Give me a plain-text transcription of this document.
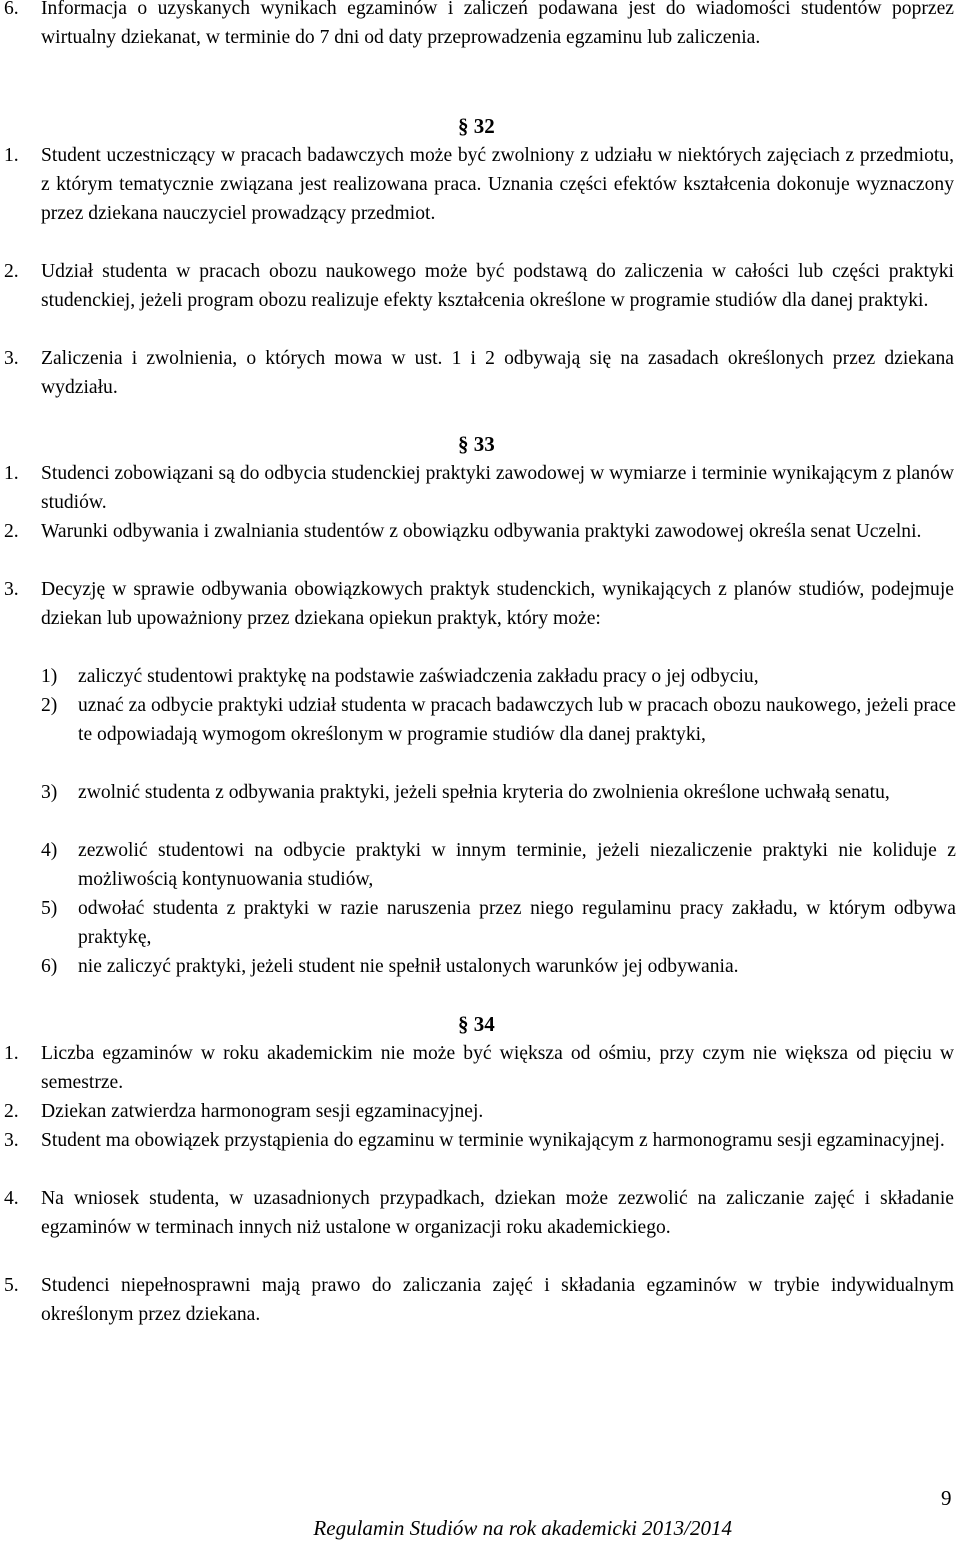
6. Informacja o uzyskanych wynikach egzaminów i zaliczeń podawana jest do wiadomości studentów poprzez wirtualny dziekanat, w terminie do 7 dni od daty przeprowadzenia egzaminu lub zaliczenia.
§ 32
1. Student uczestniczący w pracach badawczych może być zwolniony z udziału w niektórych zajęciach z przedmiotu, z którym tematycznie związana jest realizowana praca. Uznania części efektów kształcenia dokonuje wyznaczony przez dziekana nauczyciel prowadzący przedmiot.
2. Udział studenta w pracach obozu naukowego może być podstawą do zaliczenia w całości lub części praktyki studenckiej, jeżeli program obozu realizuje efekty kształcenia określone w programie studiów dla danej praktyki.
3. Zaliczenia i zwolnienia, o których mowa w ust. 1 i 2 odbywają się na zasadach określonych przez dziekana wydziału.
§ 33
1. Studenci zobowiązani są do odbycia studenckiej praktyki zawodowej w wymiarze i terminie wynikającym z planów studiów.
2. Warunki odbywania i zwalniania studentów z obowiązku odbywania praktyki zawodowej określa senat Uczelni.
3. Decyzję w sprawie odbywania obowiązkowych praktyk studenckich, wynikających z planów studiów, podejmuje dziekan lub upoważniony przez dziekana opiekun praktyk, który może:
1) zaliczyć studentowi praktykę na podstawie zaświadczenia zakładu pracy o jej odbyciu,
2) uznać za odbycie praktyki udział studenta w pracach badawczych lub w pracach obozu naukowego, jeżeli prace te odpowiadają wymogom określonym w programie studiów dla danej praktyki,
3) zwolnić studenta z odbywania praktyki, jeżeli spełnia kryteria do zwolnienia określone uchwałą senatu,
4) zezwolić studentowi na odbycie praktyki w innym terminie, jeżeli niezaliczenie praktyki nie koliduje z możliwością kontynuowania studiów,
5) odwołać studenta z praktyki w razie naruszenia przez niego regulaminu pracy zakładu, w którym odbywa praktykę,
6) nie zaliczyć praktyki, jeżeli student nie spełnił ustalonych warunków jej odbywania.
§ 34
1. Liczba egzaminów w roku akademickim nie może być większa od ośmiu, przy czym nie większa od pięciu w semestrze.
2. Dziekan zatwierdza harmonogram sesji egzaminacyjnej.
3. Student ma obowiązek przystąpienia do egzaminu w terminie wynikającym z harmonogramu sesji egzaminacyjnej.
4. Na wniosek studenta, w uzasadnionych przypadkach, dziekan może zezwolić na zaliczanie zajęć i składanie egzaminów w terminach innych niż ustalone w organizacji roku akademickiego.
5. Studenci niepełnosprawni mają prawo do zaliczania zajęć i składania egzaminów w trybie indywidualnym określonym przez dziekana.
9
Regulamin Studiów na rok akademicki 2013/2014
